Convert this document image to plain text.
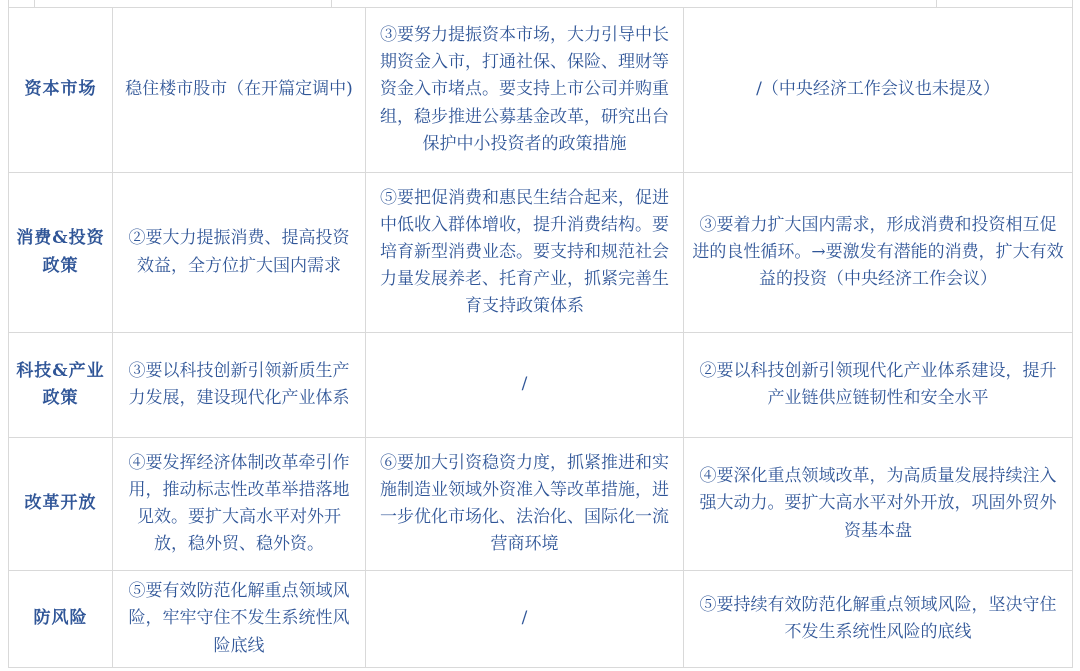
资本市场	稳住楼市股市（在开篇定调中)	③要努力提振资本市场，大力引导中长期资金入市，打通社保、保险、理财等资金入市堵点。要支持上市公司并购重组，稳步推进公募基金改革，研究出台保护中小投资者的政策措施	/（中央经济工作会议也未提及）
消费&投资政策	②要大力提振消费、提高投资效益，全方位扩大国内需求	⑤要把促消费和惠民生结合起来，促进中低收入群体增收，提升消费结构。要培育新型消费业态。要支持和规范社会力量发展养老、托育产业，抓紧完善生育支持政策体系	③要着力扩大国内需求，形成消费和投资相互促进的良性循环。→要激发有潜能的消费，扩大有效益的投资（中央经济工作会议）
科技&产业政策	③要以科技创新引领新质生产力发展，建设现代化产业体系	/	②要以科技创新引领现代化产业体系建设，提升产业链供应链韧性和安全水平
改革开放	④要发挥经济体制改革牵引作用，推动标志性改革举措落地见效。要扩大高水平对外开放，稳外贸、稳外资。	⑥要加大引资稳资力度，抓紧推进和实施制造业领域外资准入等改革措施，进一步优化市场化、法治化、国际化一流营商环境	④要深化重点领域改革，为高质量发展持续注入强大动力。要扩大高水平对外开放，巩固外贸外资基本盘
防风险	⑤要有效防范化解重点领域风险，牢牢守住不发生系统性风险底线	/	⑤要持续有效防范化解重点领域风险，坚决守住不发生系统性风险的底线
